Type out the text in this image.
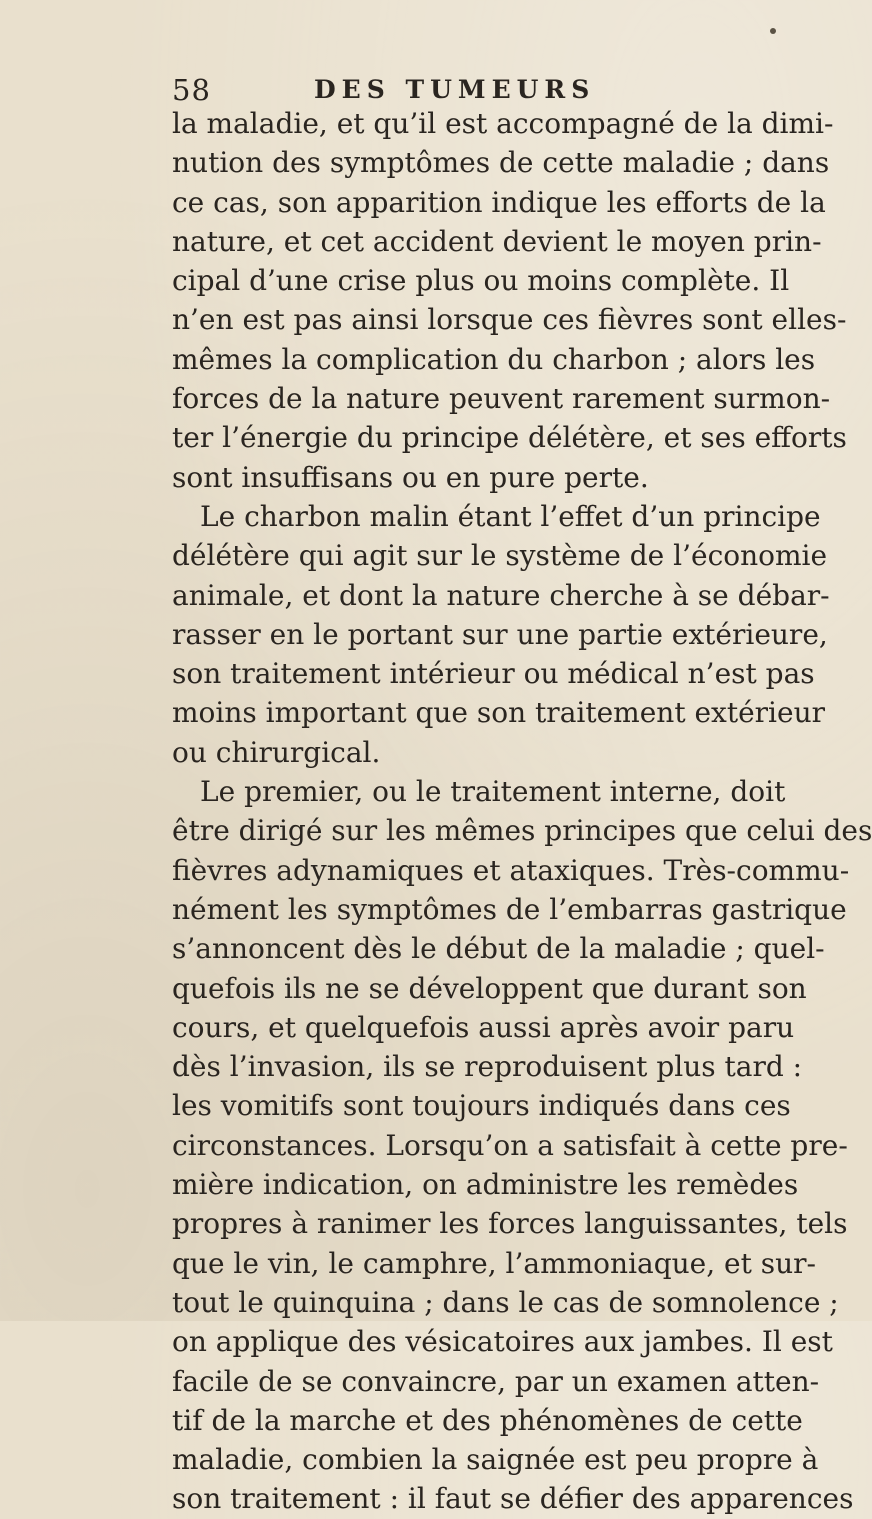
58	DES TUMEURS
la maladie, et qu’il est accompagné de la dimi-
nution des symptômes de cette maladie ; dans
ce cas, son apparition indique les efforts de la
nature, et cet accident devient le moyen prin-
cipal d’une crise plus ou moins complète. Il
n’en est pas ainsi lorsque ces fièvres sont elles-
mêmes la complication du charbon ; alors les
forces de la nature peuvent rarement surmon-
ter l’énergie du principe délétère, et ses efforts
sont insuffisans ou en pure perte.
Le charbon malin étant l’effet d’un principe
délétère qui agit sur le système de l’économie
animale, et dont la nature cherche à se débar-
rasser en le portant sur une partie extérieure,
son traitement intérieur ou médical n’est pas
moins important que son traitement extérieur
ou chirurgical.
Le premier, ou le traitement interne, doit
être dirigé sur les mêmes principes que celui des
fièvres adynamiques et ataxiques. Très-commu-
nément les symptômes de l’embarras gastrique
s’annoncent dès le début de la maladie ; quel-
quefois ils ne se développent que durant son
cours, et quelquefois aussi après avoir paru
dès l’invasion, ils se reproduisent plus tard :
les vomitifs sont toujours indiqués dans ces
circonstances. Lorsqu’on a satisfait à cette pre-
mière indication, on administre les remèdes
propres à ranimer les forces languissantes, tels
que le vin, le camphre, l’ammoniaque, et sur-
tout le quinquina ; dans le cas de somnolence ;
on applique des vésicatoires aux jambes. Il est
facile de se convaincre, par un examen atten-
tif de la marche et des phénomènes de cette
maladie, combien la saignée est peu propre à
son traitement : il faut se défier des apparences
